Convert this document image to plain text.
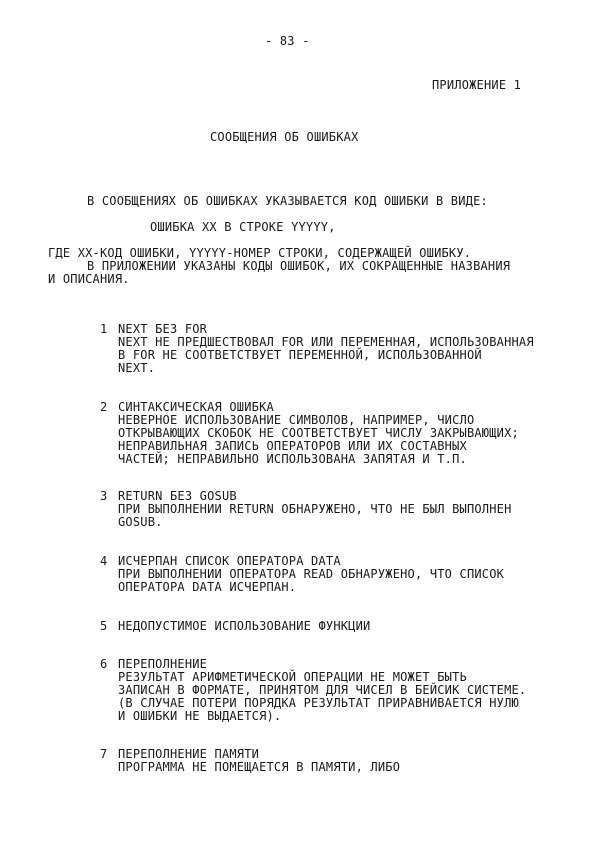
- 83 -
ПРИЛОЖЕНИЕ 1
СООБЩЕНИЯ ОБ ОШИБКАХ
В СООБЩЕНИЯХ ОБ ОШИБКАХ УКАЗЫВАЕТСЯ КОД ОШИБКИ В ВИДЕ:
ОШИБКА XX В СТРОКЕ YYYYY,
ГДЕ XX-КОД ОШИБКИ, YYYYY-НОМЕР СТРОКИ, СОДЕРЖАЩЕЙ ОШИБКУ.
В ПРИЛОЖЕНИИ УКАЗАНЫ КОДЫ ОШИБОК, ИХ СОКРАЩЕННЫЕ НАЗВАНИЯ
И ОПИСАНИЯ.
1 NEXT БЕЗ FOR
NEXT НЕ ПРЕДШЕСТВОВАЛ FOR ИЛИ ПЕРЕМЕННАЯ, ИСПОЛЬЗОВАННАЯ
В FOR НЕ СООТВЕТСТВУЕТ ПЕРЕМЕННОЙ, ИСПОЛЬЗОВАННОЙ
NEXT.
2 СИНТАКСИЧЕСКАЯ ОШИБКА
НЕВЕРНОЕ ИСПОЛЬЗОВАНИЕ СИМВОЛОВ, НАПРИМЕР, ЧИСЛО
ОТКРЫВАЮЩИХ СКОБОК НЕ СООТВЕТСТВУЕТ ЧИСЛУ ЗАКРЫВАЮЩИХ;
НЕПРАВИЛЬНАЯ ЗАПИСЬ ОПЕРАТОРОВ ИЛИ ИХ СОСТАВНЫХ
ЧАСТЕЙ; НЕПРАВИЛЬНО ИСПОЛЬЗОВАНА ЗАПЯТАЯ И Т.П.
3 RETURN БЕЗ GOSUB
ПРИ ВЫПОЛНЕНИИ RETURN ОБНАРУЖЕНО, ЧТО НЕ БЫЛ ВЫПОЛНЕН
GOSUB.
4 ИСЧЕРПАН СПИСОК ОПЕРАТОРА DATA
ПРИ ВЫПОЛНЕНИИ ОПЕРАТОРА READ ОБНАРУЖЕНО, ЧТО СПИСОК
ОПЕРАТОРА DATA ИСЧЕРПАН.
5 НЕДОПУСТИМОЕ ИСПОЛЬЗОВАНИЕ ФУНКЦИИ
6 ПЕРЕПОЛНЕНИЕ
РЕЗУЛЬТАТ АРИФМЕТИЧЕСКОЙ ОПЕРАЦИИ НЕ МОЖЕТ БЫТЬ
ЗАПИСАН В ФОРМАТЕ, ПРИНЯТОМ ДЛЯ ЧИСЕЛ В БЕЙСИК СИСТЕМЕ.
(В СЛУЧАЕ ПОТЕРИ ПОРЯДКА РЕЗУЛЬТАТ ПРИРАВНИВАЕТСЯ НУЛЮ
И ОШИБКИ НЕ ВЫДАЕТСЯ).
7 ПЕРЕПОЛНЕНИЕ ПАМЯТИ
ПРОГРАММА НЕ ПОМЕЩАЕТСЯ В ПАМЯТИ, ЛИБО
